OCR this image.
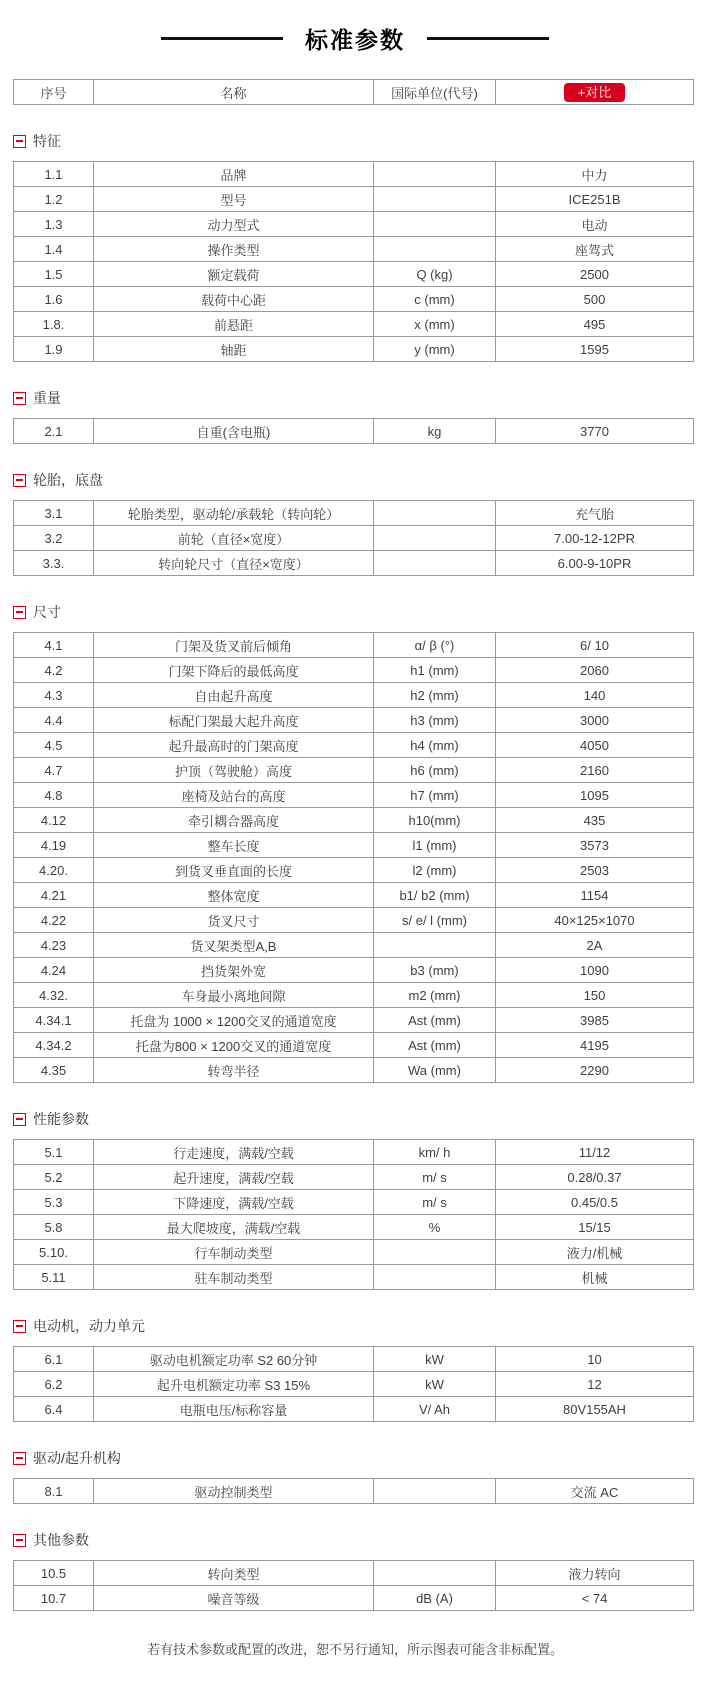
标准参数
序号	名称	国际单位(代号)	+对比
特征
1.1	品牌		中力
1.2	型号		ICE251B
1.3	动力型式		电动
1.4	操作类型		座驾式
1.5	额定载荷	Q (kg)	2500
1.6	载荷中心距	c (mm)	500
1.8.	前悬距	x (mm)	495
1.9	轴距	y (mm)	1595
重量
2.1	自重(含电瓶)	kg	3770
轮胎，底盘
3.1	轮胎类型，驱动轮/承载轮（转向轮）		充气胎
3.2	前轮（直径×宽度）		7.00-12-12PR
3.3.	转向轮尺寸（直径×宽度）		6.00-9-10PR
尺寸
4.1	门架及货叉前后倾角	α/ β (°)	6/ 10
4.2	门架下降后的最低高度	h1 (mm)	2060
4.3	自由起升高度	h2 (mm)	140
4.4	标配门架最大起升高度	h3 (mm)	3000
4.5	起升最高时的门架高度	h4 (mm)	4050
4.7	护顶（驾驶舱）高度	h6 (mm)	2160
4.8	座椅及站台的高度	h7 (mm)	1095
4.12	牵引耦合器高度	h10(mm)	435
4.19	整车长度	l1 (mm)	3573
4.20.	到货叉垂直面的长度	l2 (mm)	2503
4.21	整体宽度	b1/ b2 (mm)	1154
4.22	货叉尺寸	s/ e/ l (mm)	40×125×1070
4.23	货叉架类型A,B		2A
4.24	挡货架外宽	b3 (mm)	1090
4.32.	车身最小离地间隙	m2 (mm)	150
4.34.1	托盘为 1000 × 1200交叉的通道宽度	Ast (mm)	3985
4.34.2	托盘为800 × 1200交叉的通道宽度	Ast (mm)	4195
4.35	转弯半径	Wa (mm)	2290
性能参数
5.1	行走速度，满载/空载	km/ h	11/12
5.2	起升速度，满载/空载	m/ s	0.28/0.37
5.3	下降速度，满载/空载	m/ s	0.45/0.5
5.8	最大爬坡度，满载/空载	%	15/15
5.10.	行车制动类型		液力/机械
5.11	驻车制动类型		机械
电动机，动力单元
6.1	驱动电机额定功率 S2 60分钟	kW	10
6.2	起升电机额定功率 S3 15%	kW	12
6.4	电瓶电压/标称容量	V/ Ah	80V155AH
驱动/起升机构
8.1	驱动控制类型		交流 AC
其他参数
10.5	转向类型		液力转向
10.7	噪音等级	dB (A)	< 74
若有技术参数或配置的改进，恕不另行通知，所示图表可能含非标配置。
